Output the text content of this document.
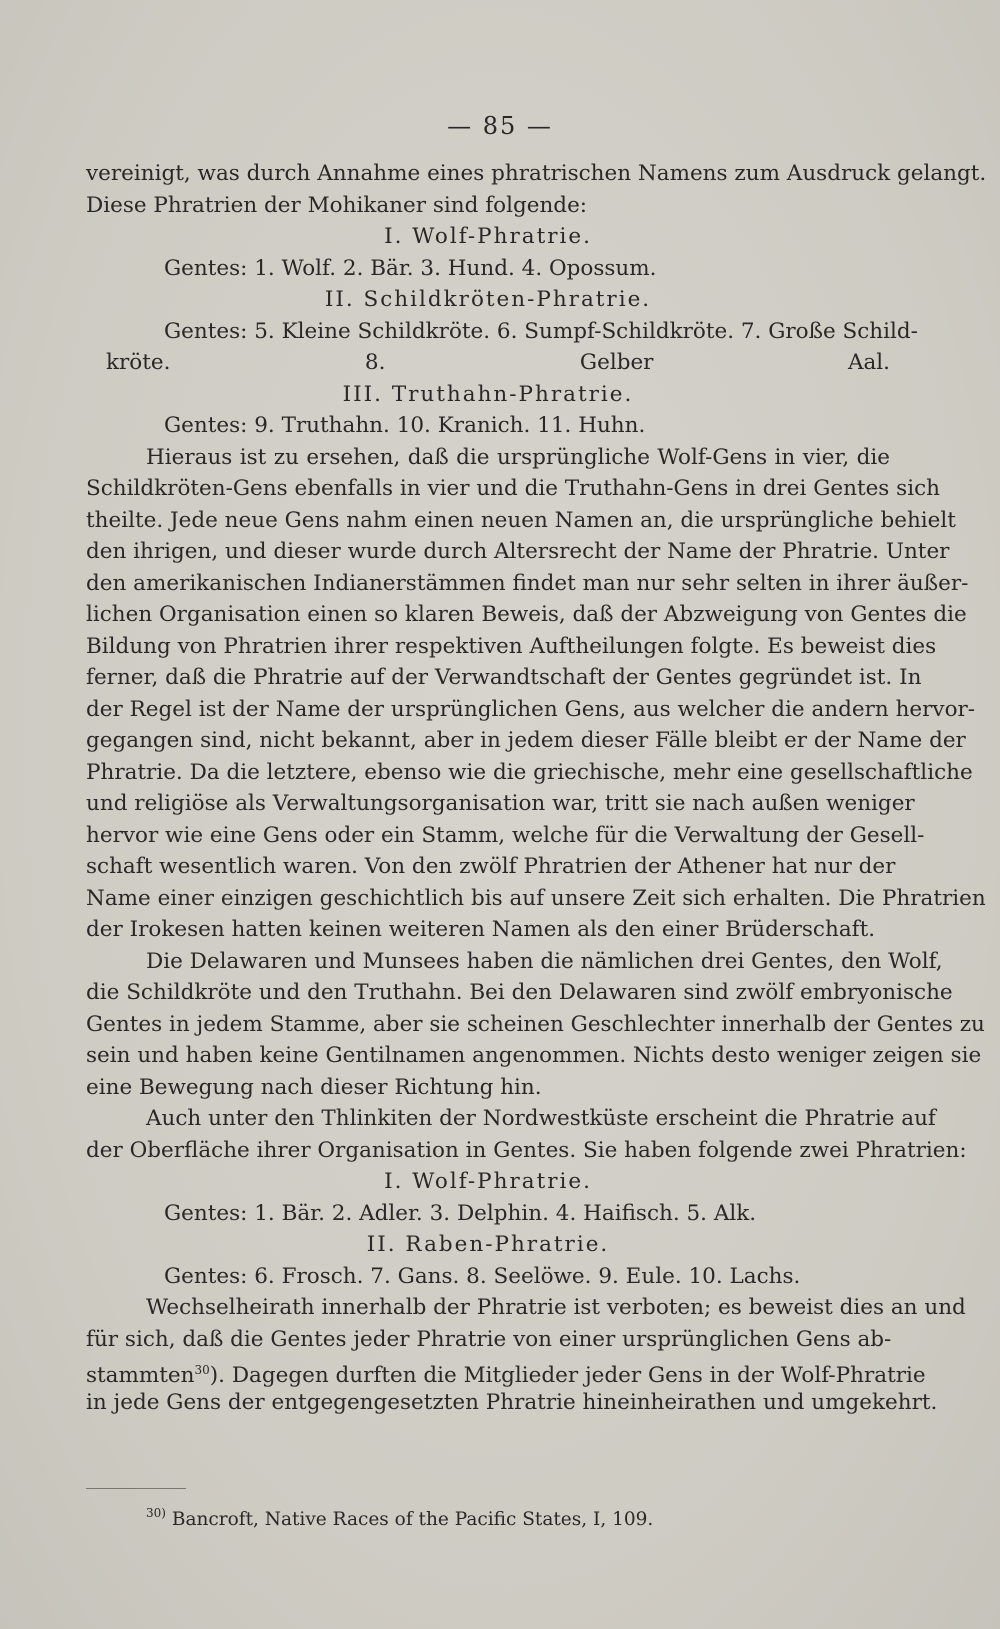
— 85 —
vereinigt, was durch Annahme eines phratrischen Namens zum Ausdruck gelangt.
Diese Phratrien der Mohikaner sind folgende:
I. Wolf-Phratrie.
Gentes: 1. Wolf. 2. Bär. 3. Hund. 4. Opossum.
II. Schildkröten-Phratrie.
Gentes: 5. Kleine Schildkröte. 6. Sumpf-Schildkröte. 7. Große Schild-
kröte. 8. Gelber Aal.
III. Truthahn-Phratrie.
Gentes: 9. Truthahn. 10. Kranich. 11. Huhn.
Hieraus ist zu ersehen, daß die ursprüngliche Wolf-Gens in vier, die
Schildkröten-Gens ebenfalls in vier und die Truthahn-Gens in drei Gentes sich
theilte. Jede neue Gens nahm einen neuen Namen an, die ursprüngliche behielt
den ihrigen, und dieser wurde durch Altersrecht der Name der Phratrie. Unter
den amerikanischen Indianerstämmen findet man nur sehr selten in ihrer äußer-
lichen Organisation einen so klaren Beweis, daß der Abzweigung von Gentes die
Bildung von Phratrien ihrer respektiven Auftheilungen folgte. Es beweist dies
ferner, daß die Phratrie auf der Verwandtschaft der Gentes gegründet ist. In
der Regel ist der Name der ursprünglichen Gens, aus welcher die andern hervor-
gegangen sind, nicht bekannt, aber in jedem dieser Fälle bleibt er der Name der
Phratrie. Da die letztere, ebenso wie die griechische, mehr eine gesellschaftliche
und religiöse als Verwaltungsorganisation war, tritt sie nach außen weniger
hervor wie eine Gens oder ein Stamm, welche für die Verwaltung der Gesell-
schaft wesentlich waren. Von den zwölf Phratrien der Athener hat nur der
Name einer einzigen geschichtlich bis auf unsere Zeit sich erhalten. Die Phratrien
der Irokesen hatten keinen weiteren Namen als den einer Brüderschaft.
Die Delawaren und Munsees haben die nämlichen drei Gentes, den Wolf,
die Schildkröte und den Truthahn. Bei den Delawaren sind zwölf embryonische
Gentes in jedem Stamme, aber sie scheinen Geschlechter innerhalb der Gentes zu
sein und haben keine Gentilnamen angenommen. Nichts desto weniger zeigen sie
eine Bewegung nach dieser Richtung hin.
Auch unter den Thlinkiten der Nordwestküste erscheint die Phratrie auf
der Oberfläche ihrer Organisation in Gentes. Sie haben folgende zwei Phratrien:
I. Wolf-Phratrie.
Gentes: 1. Bär. 2. Adler. 3. Delphin. 4. Haifisch. 5. Alk.
II. Raben-Phratrie.
Gentes: 6. Frosch. 7. Gans. 8. Seelöwe. 9. Eule. 10. Lachs.
Wechselheirath innerhalb der Phratrie ist verboten; es beweist dies an und
für sich, daß die Gentes jeder Phratrie von einer ursprünglichen Gens ab-
stammten$^{30}$). Dagegen durften die Mitglieder jeder Gens in der Wolf-Phratrie
in jede Gens der entgegengesetzten Phratrie hineinheirathen und umgekehrt.
$^{30)}$ Bancroft, Native Races of the Pacific States, I, 109.
